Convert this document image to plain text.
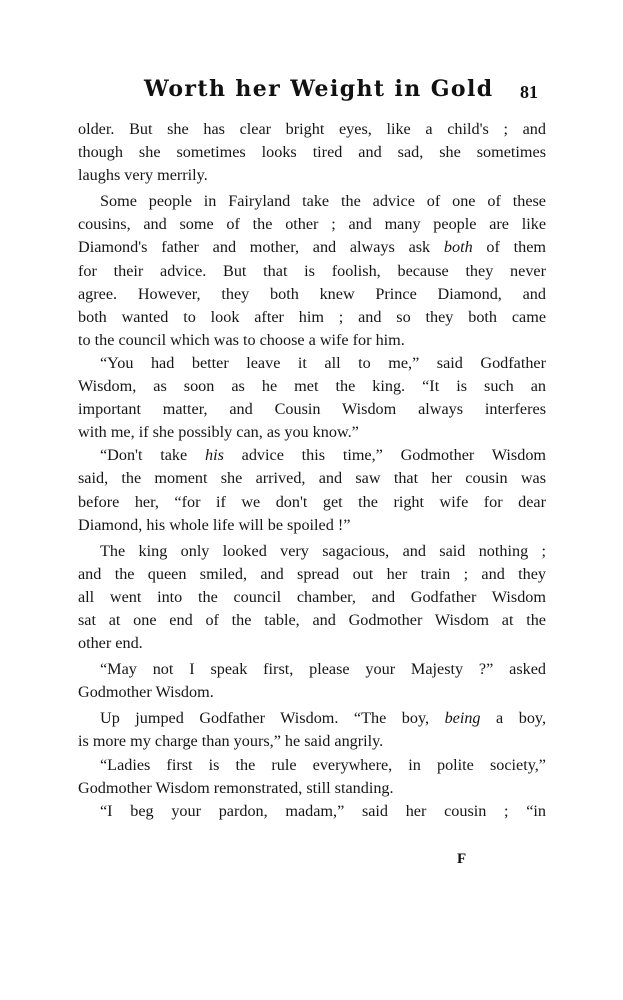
Worth her Weight in Gold 81
older. But she has clear bright eyes, like a child's ; and
though she sometimes looks tired and sad, she sometimes
laughs very merrily.
Some people in Fairyland take the advice of one of these
cousins, and some of the other ; and many people are like
Diamond's father and mother, and always ask both of them
for their advice. But that is foolish, because they never
agree. However, they both knew Prince Diamond, and
both wanted to look after him ; and so they both came
to the council which was to choose a wife for him.
“You had better leave it all to me,” said Godfather
Wisdom, as soon as he met the king. “It is such an
important matter, and Cousin Wisdom always interferes
with me, if she possibly can, as you know.”
“Don't take his advice this time,” Godmother Wisdom
said, the moment she arrived, and saw that her cousin was
before her, “for if we don't get the right wife for dear
Diamond, his whole life will be spoiled !”
The king only looked very sagacious, and said nothing ;
and the queen smiled, and spread out her train ; and they
all went into the council chamber, and Godfather Wisdom
sat at one end of the table, and Godmother Wisdom at the
other end.
“May not I speak first, please your Majesty ?” asked
Godmother Wisdom.
Up jumped Godfather Wisdom. “The boy, being a boy,
is more my charge than yours,” he said angrily.
“Ladies first is the rule everywhere, in polite society,”
Godmother Wisdom remonstrated, still standing.
“I beg your pardon, madam,” said her cousin ; “in
F
